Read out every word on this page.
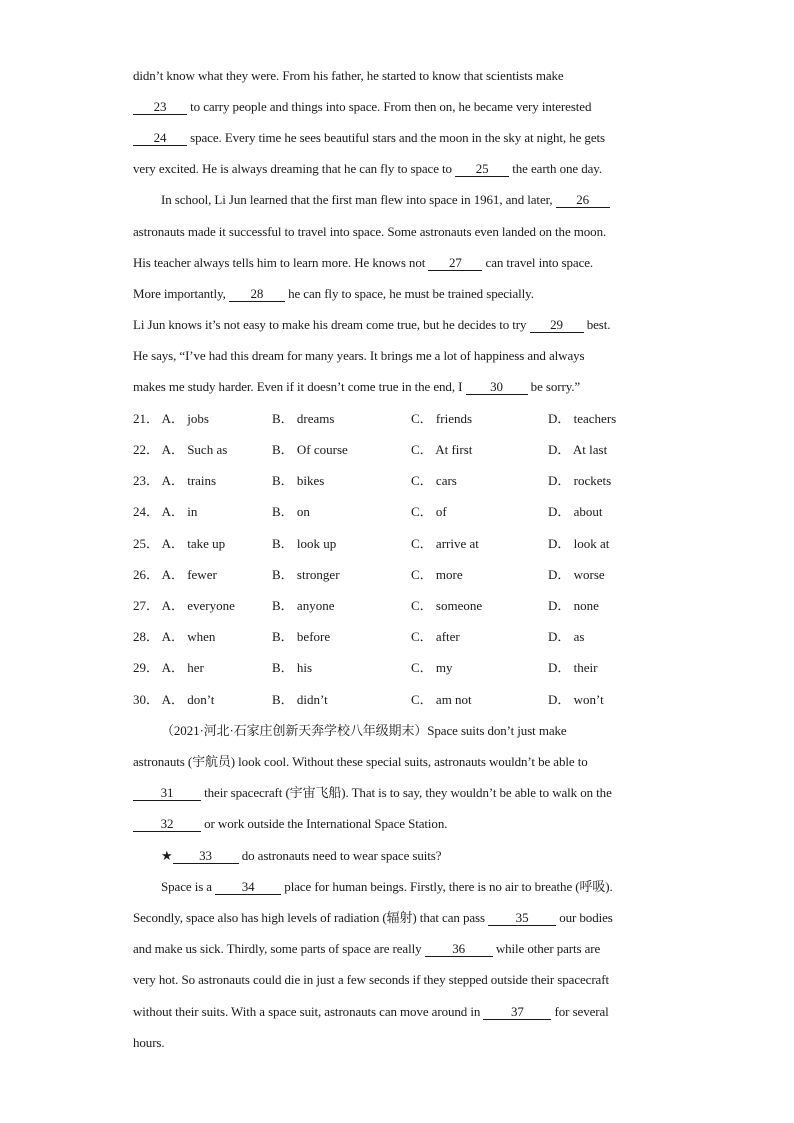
didn’t know what they were. From his father, he started to know that scientists make
23 to carry people and things into space. From then on, he became very interested
24 space. Every time he sees beautiful stars and the moon in the sky at night, he gets
very excited. He is always dreaming that he can fly to space to 25 the earth one day.
In school, Li Jun learned that the first man flew into space in 1961, and later, 26
astronauts made it successful to travel into space. Some astronauts even landed on the moon.
His teacher always tells him to learn more. He knows not 27 can travel into space.
More importantly, 28 he can fly to space, he must be trained specially.
Li Jun knows it’s not easy to make his dream come true, but he decides to try 29 best.
He says, “I’ve had this dream for many years. It brings me a lot of happiness and always
makes me study harder. Even if it doesn’t come true in the end, I 30 be sorry.”
21． A． jobs	B． dreams	C． friends	D． teachers
22． A． Such as	B． Of course	C． At first	D． At last
23． A． trains	B． bikes	C． cars	D． rockets
24． A． in	B． on	C． of	D． about
25． A． take up	B． look up	C． arrive at	D． look at
26． A． fewer	B． stronger	C． more	D． worse
27． A． everyone	B． anyone	C． someone	D． none
28． A． when	B． before	C． after	D． as
29． A． her	B． his	C． my	D． their
30． A． don’t	B． didn’t	C． am not	D． won’t
（2021·河北·石家庄创新天奔学校八年级期末）Space suits don’t just make
astronauts (宇航员) look cool. Without these special suits, astronauts wouldn’t be able to
31 their spacecraft (宇宙飞船). That is to say, they wouldn’t be able to walk on the
32 or work outside the International Space Station.
★ 33 do astronauts need to wear space suits?
Space is a 34 place for human beings. Firstly, there is no air to breathe (呼吸).
Secondly, space also has high levels of radiation (辐射) that can pass 35 our bodies
and make us sick. Thirdly, some parts of space are really 36 while other parts are
very hot. So astronauts could die in just a few seconds if they stepped outside their spacecraft
without their suits. With a space suit, astronauts can move around in 37 for several
hours.
